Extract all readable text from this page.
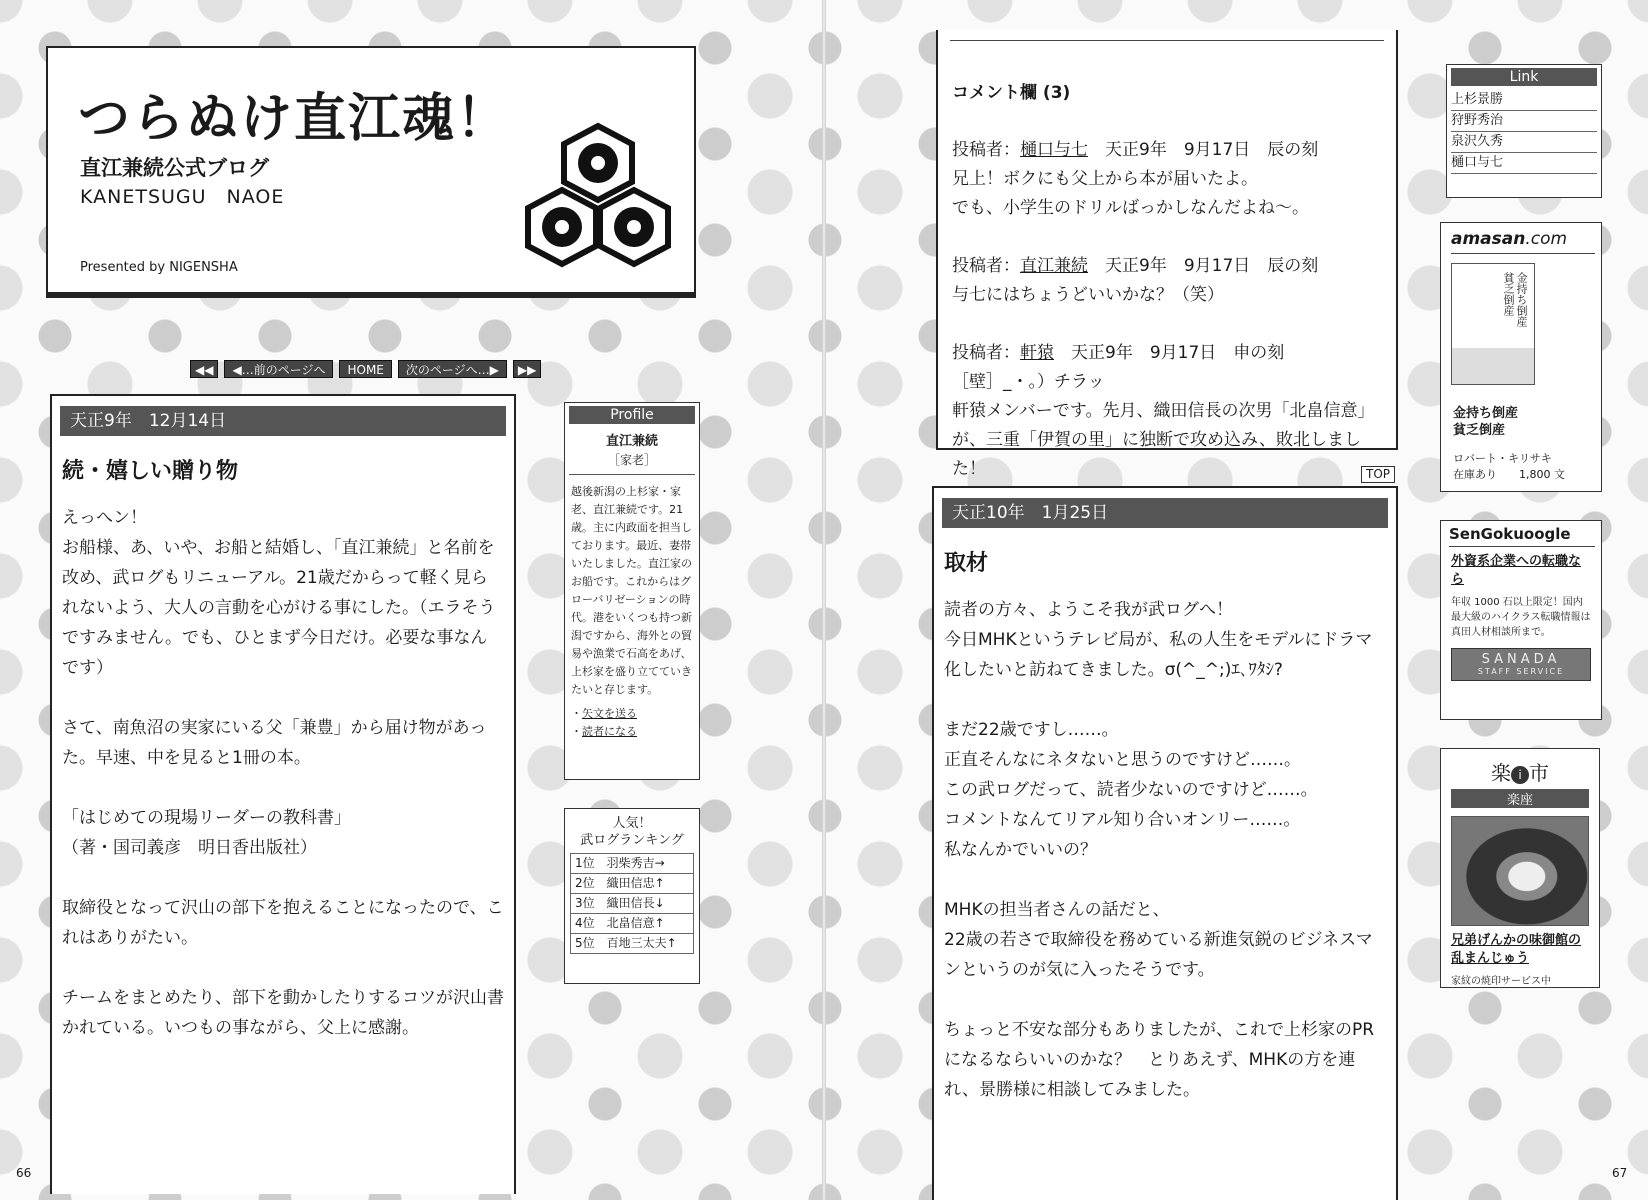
つらぬけ直江魂！
直江兼続公式ブログ
KANETSUGU　NAOE
Presented by NIGENSHA
◀◀	◀…前のページへ	HOME	次のページへ…▶	▶▶
天正9年　12月14日
続・嬉しい贈り物
えっへン！
お船様、あ、いや、お船と結婚し、「直江兼続」と名前を改め、武ログもリニューアル。21歳だからって軽く見られないよう、大人の言動を心がける事にした。（エラそうですみません。でも、ひとまず今日だけ。必要な事なんです）

さて、南魚沼の実家にいる父「兼豊」から届け物があった。早速、中を見ると1冊の本。

「はじめての現場リーダーの教科書」
（著・国司義彦　明日香出版社）

取締役となって沢山の部下を抱えることになったので、これはありがたい。

チームをまとめたり、部下を動かしたりするコツが沢山書かれている。いつもの事ながら、父上に感謝。
Profile
直江兼続
［家老］
越後新潟の上杉家・家老、直江兼続です。21歳。主に内政面を担当しております。最近、妻帯いたしました。直江家のお船です。これからはグローバリゼーションの時代。港をいくつも持つ新潟ですから、海外との貿易や漁業で石高をあげ、上杉家を盛り立てていきたいと存じます。
・矢文を送る
・読者になる
人気！
武ログランキング
1位　 羽柴秀吉→
2位　 織田信忠↑
3位　 織田信長↓
4位　 北畠信意↑
5位　 百地三太夫↑
コメント欄 (3)
投稿者：樋口与七　天正9年　9月17日　辰の刻
兄上！ボクにも父上から本が届いたよ。
でも、小学生のドリルばっかしなんだよね〜。
投稿者：直江兼続　天正9年　9月17日　辰の刻
与七にはちょうどいいかな？（笑）
投稿者：軒猿　天正9年　9月17日　申の刻
［壁］_・。）チラッ
軒猿メンバーです。先月、織田信長の次男「北畠信意」が、三重「伊賀の里」に独断で攻め込み、敗北しました！	TOP
天正10年　1月25日
取材
読者の方々、ようこそ我が武ログへ！
今日MHKというテレビ局が、私の人生をモデルにドラマ化したいと訪ねてきました。σ(^_^;)ｴ､ﾜﾀｼ?

まだ22歳ですし……。
正直そんなにネタないと思うのですけど……。
この武ログだって、読者少ないのですけど……。
コメントなんてリアル知り合いオンリー……。
私なんかでいいの？

MHKの担当者さんの話だと、
22歳の若さで取締役を務めている新進気鋭のビジネスマンというのが気に入ったそうです。

ちょっと不安な部分もありましたが、これで上杉家のPRになるならいいのかな？　とりあえず、MHKの方を連れ、景勝様に相談してみました。
Link
上杉景勝
狩野秀治
泉沢久秀
樋口与七
amasan.com
金持ち倒産
貧乏倒産
金持ち倒産
貧乏倒産
ロバート・キリサキ
在庫あり　　1,800 文
SenGokuoogle
外資系企業への転職なら
年収 1000 石以上限定！国内最大級のハイクラス転職情報は真田人材相談所まで。
SANADA
STAFF SERVICE
楽 i 市
楽座
兄弟げんかの味御館の乱まんじゅう
家紋の焼印サービス中
66	67
